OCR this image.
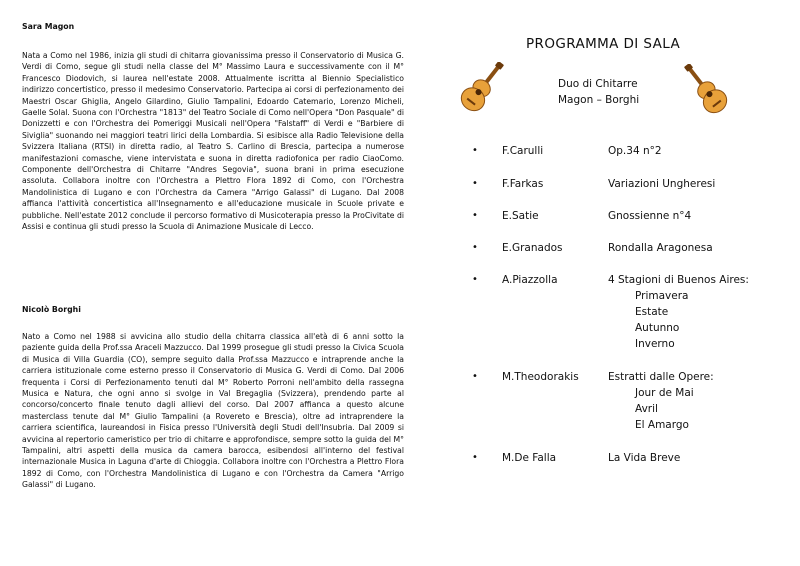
Sara Magon

Nata a Como nel 1986, inizia gli studi di chitarra giovanissima presso il Conservatorio di Musica G. Verdi di Como, segue gli studi nella classe del M° Massimo Laura e successivamente con il M° Francesco Diodovich, si laurea nell'estate 2008. Attualmente iscritta al Biennio Specialistico indirizzo concertistico, presso il medesimo Conservatorio. Partecipa ai corsi di perfezionamento dei Maestri Oscar Ghiglia, Angelo Gilardino, Giulio Tampalini, Edoardo Catemario, Lorenzo Micheli, Gaelle Solal. Suona con l'Orchestra "1813" del Teatro Sociale di Como nell'Opera "Don Pasquale" di Donizzetti e con l'Orchestra dei Pomeriggi Musicali nell'Opera "Falstaff" di Verdi e "Barbiere di Siviglia" suonando nei maggiori teatri lirici della Lombardia. Si esibisce alla Radio Televisione della Svizzera Italiana (RTSI) in diretta radio, al Teatro S. Carlino di Brescia, partecipa a numerose manifestazioni comasche, viene intervistata e suona in diretta radiofonica per radio CiaoComo. Componente dell'Orchestra di Chitarre "Andres Segovia", suona brani in prima esecuzione assoluta. Collabora inoltre con l'Orchestra a Plettro Flora 1892 di Como, con l'Orchestra Mandolinistica di Lugano e con l'Orchestra da Camera "Arrigo Galassi" di Lugano. Dal 2008 affianca l'attività concertistica all'Insegnamento e all'educazione musicale in Scuole private e pubbliche. Nell'estate 2012 conclude il percorso formativo di Musicoterapia presso la ProCivitate di Assisi e continua gli studi presso la Scuola di Animazione Musicale di Lecco.

Nicolò Borghi

Nato a Como nel 1988 si avvicina allo studio della chitarra classica all'età di 6 anni sotto la paziente guida della Prof.ssa Araceli Mazzucco. Dal 1999 prosegue gli studi presso la Civica Scuola di Musica di Villa Guardia (CO), sempre seguito dalla Prof.ssa Mazzucco e intraprende anche la carriera istituzionale come esterno presso il Conservatorio di Musica G. Verdi di Como. Dal 2006 frequenta i Corsi di Perfezionamento tenuti dal M° Roberto Porroni nell'ambito della rassegna Musica e Natura, che ogni anno si svolge in Val Bregaglia (Svizzera), prendendo parte al concorso/concerto finale tenuto dagli allievi del corso. Dal 2007 affianca a questo alcune masterclass tenute dal M° Giulio Tampalini (a Rovereto e Brescia), oltre ad intraprendere la carriera scientifica, laureandosi in Fisica presso l'Università degli Studi dell'Insubria. Dal 2009 si avvicina al repertorio cameristico per trio di chitarre e approfondisce, sempre sotto la guida del M° Tampalini, altri aspetti della musica da camera barocca, esibendosi all'interno del festival internazionale Musica in Laguna d'arte di Chioggia. Collabora inoltre con l'Orchestra a Plettro Flora 1892 di Como, con l'Orchestra Mandolinistica di Lugano e con l'Orchestra da Camera "Arrigo Galassi" di Lugano.

PROGRAMMA DI SALA
Duo di Chitarre
Magon – Borghi
• F.Carulli	Op.34 n°2
• F.Farkas	Variazioni Ungheresi
• E.Satie	Gnossienne n°4
• E.Granados	Rondalla Aragonesa
• A.Piazzolla	4 Stagioni di Buenos Aires:
Primavera
Estate
Autunno
Inverno
• M.Theodorakis	Estratti dalle Opere:
Jour de Mai
Avril
El Amargo
• M.De Falla	La Vida Breve
